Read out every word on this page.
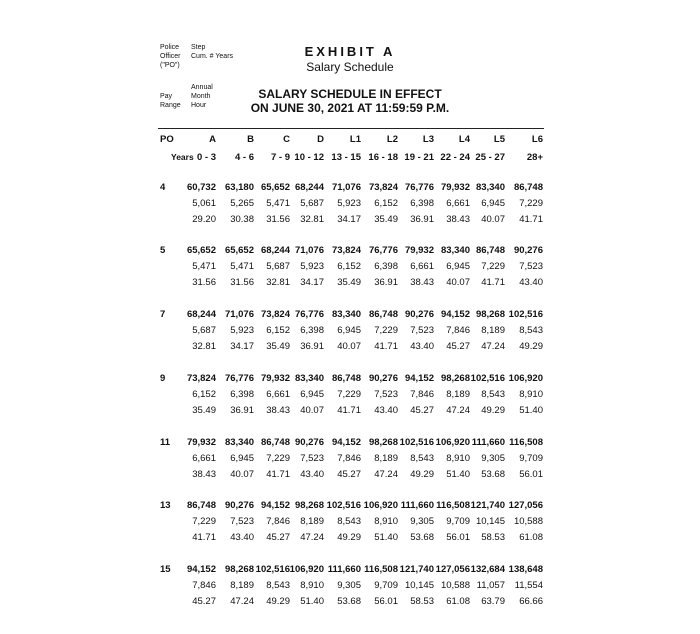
Police
Officer
("PO")
Step
Cum. # Years
Pay
Range
Annual
Month
Hour
EXHIBIT A
Salary Schedule
SALARY SCHEDULE IN EFFECT
ON JUNE 30, 2021 AT 11:59:59 P.M.
PO
Years
A	B	C	D	L1	L2	L3	L4	L5	L6
0 - 3	4 - 6	7 - 9 10 - 12 13 - 15 16 - 18 19 - 21 22 - 24 25 - 27	28+
4	60,732 63,180 65,652 68,244 71,076 73,824 76,776 79,932 83,340 86,748
5,061	5,265	5,471	5,687	5,923	6,152	6,398	6,661	6,945	7,229
29.20	30.38	31.56	32.81	34.17	35.49	36.91	38.43	40.07	41.71
5	65,652 65,652 68,244 71,076 73,824 76,776 79,932 83,340 86,748 90,276
5,471	5,471	5,687	5,923	6,152	6,398	6,661	6,945	7,229	7,523
31.56	31.56	32.81	34.17	35.49	36.91	38.43	40.07	41.71	43.40
7	68,244 71,076 73,824 76,776 83,340 86,748 90,276 94,152 98,268 102,516
5,687	5,923	6,152	6,398	6,945	7,229	7,523	7,846	8,189	8,543
32.81	34.17	35.49	36.91	40.07	41.71	43.40	45.27	47.24	49.29
9	73,824 76,776 79,932 83,340 86,748 90,276 94,152 98,268 102,516 106,920
6,152	6,398	6,661	6,945	7,229	7,523	7,846	8,189	8,543	8,910
35.49	36.91	38.43	40.07	41.71	43.40	45.27	47.24	49.29	51.40
11	79,932 83,340 86,748 90,276 94,152 98,268 102,516 106,920 111,660 116,508
6,661	6,945	7,229	7,523	7,846	8,189	8,543	8,910	9,305	9,709
38.43	40.07	41.71	43.40	45.27	47.24	49.29	51.40	53.68	56.01
13	86,748 90,276 94,152 98,268 102,516 106,920 111,660 116,508 121,740 127,056
7,229	7,523	7,846	8,189	8,543	8,910	9,305	9,709 10,145 10,588
41.71	43.40	45.27	47.24	49.29	51.40	53.68	56.01	58.53	61.08
15	94,152 98,268 102,516 106,920 111,660 116,508 121,740 127,056 132,684 138,648
7,846	8,189	8,543	8,910	9,305	9,709 10,145 10,588 11,057	11,554
45.27	47.24	49.29	51.40	53.68	56.01	58.53	61.08	63.79	66.66
